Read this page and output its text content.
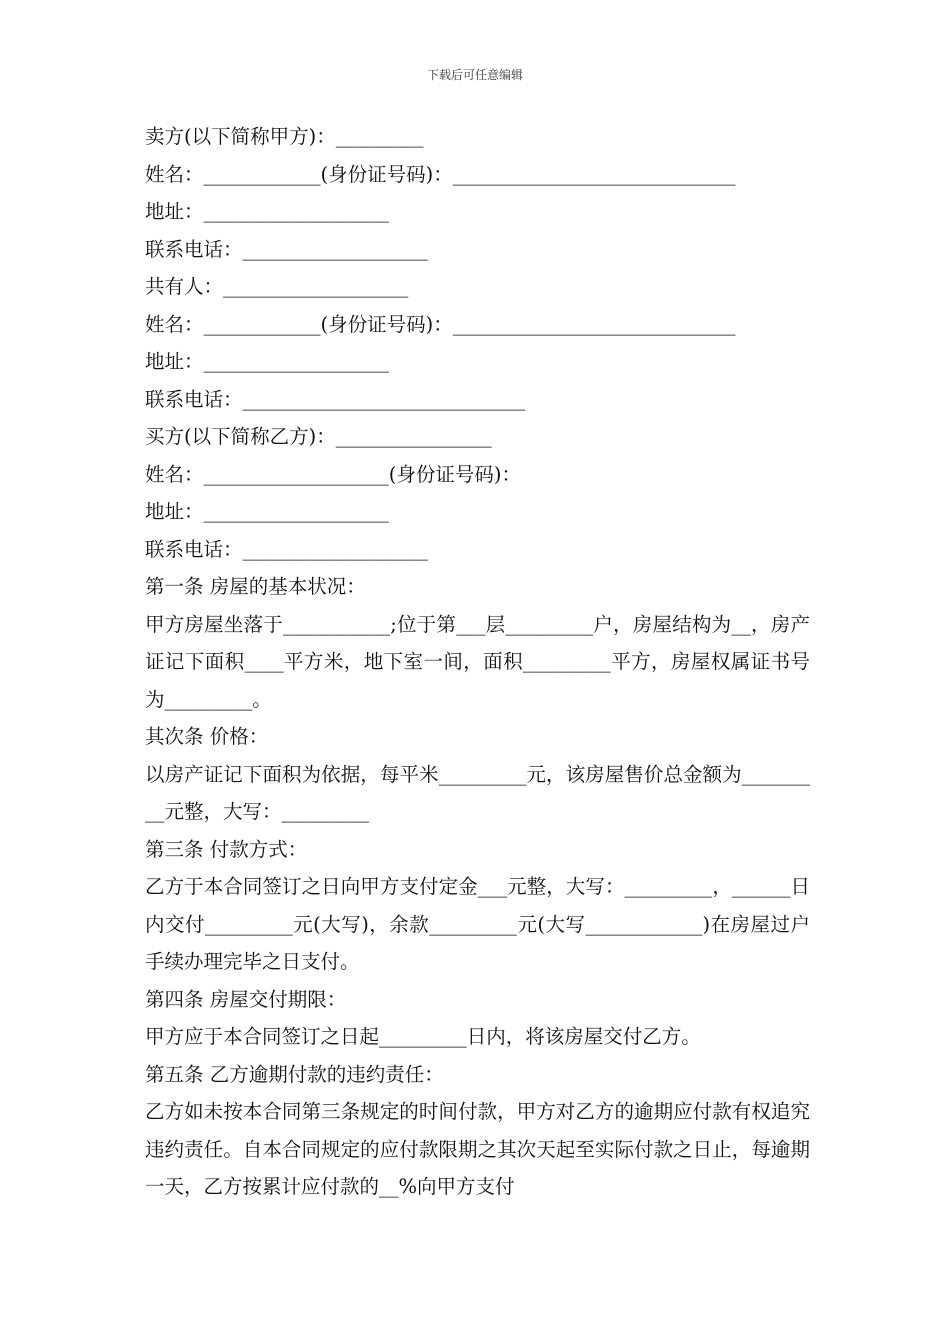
下载后可任意编辑
卖方(以下简称甲方)：_________
姓名：____________(身份证号码)：_____________________________
地址：___________________
联系电话：___________________
共有人：___________________
姓名：____________(身份证号码)：_____________________________
地址：___________________
联系电话：_____________________________
买方(以下简称乙方)：________________
姓名：___________________(身份证号码)：
地址：___________________
联系电话：___________________
第一条 房屋的基本状况：
甲方房屋坐落于___________;位于第___层_________户，房屋结构为__，房产证记下面积____平方米，地下室一间，面积_________平方，房屋权属证书号为_________。
其次条 价格：
以房产证记下面积为依据，每平米_________元，该房屋售价总金额为_________元整，大写：_________
第三条 付款方式：
乙方于本合同签订之日向甲方支付定金___元整，大写：_________，______日内交付_________元(大写)，余款_________元(大写____________)在房屋过户手续办理完毕之日支付。
第四条 房屋交付期限：
甲方应于本合同签订之日起_________日内，将该房屋交付乙方。
第五条 乙方逾期付款的违约责任：
乙方如未按本合同第三条规定的时间付款，甲方对乙方的逾期应付款有权追究违约责任。自本合同规定的应付款限期之其次天起至实际付款之日止，每逾期一天，乙方按累计应付款的__%向甲方支付
